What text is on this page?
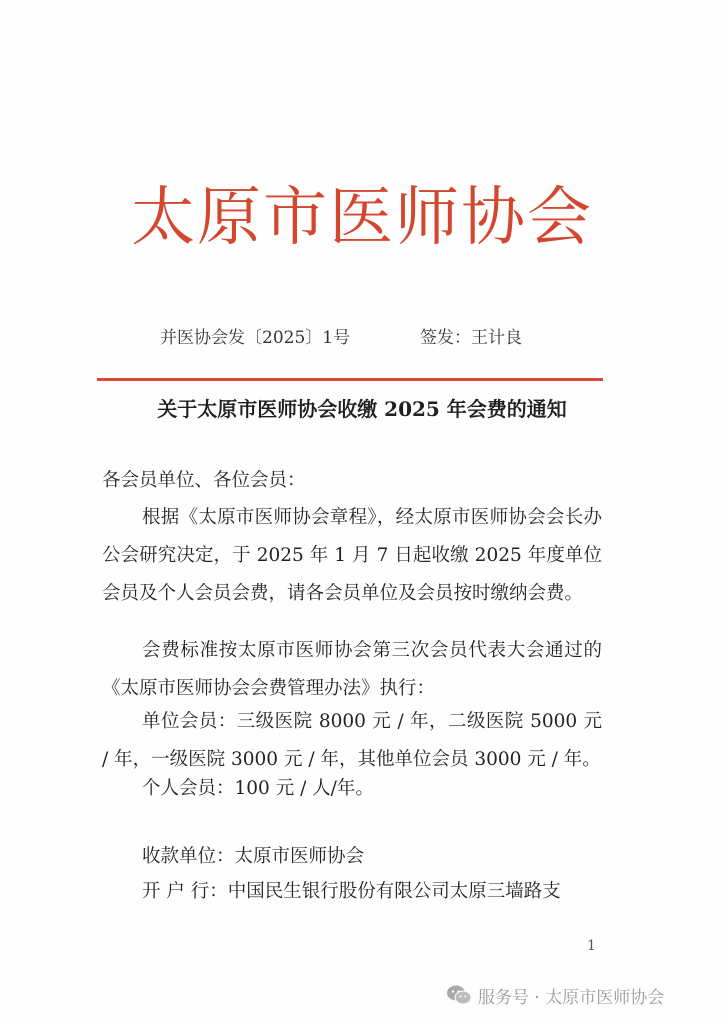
太原市医师协会
并医协会发〔2025〕1号	签发：王计良
关于太原市医师协会收缴 2025 年会费的通知
各会员单位、各位会员：
根据《太原市医师协会章程》，经太原市医师协会会长办公会研究决定，于 2025 年 1 月 7 日起收缴 2025 年度单位会员及个人会员会费，请各会员单位及会员按时缴纳会费。
会费标准按太原市医师协会第三次会员代表大会通过的《太原市医师协会会费管理办法》执行：
单位会员：三级医院 8000 元 / 年，二级医院 5000 元 / 年，一级医院 3000 元 / 年，其他单位会员 3000 元 / 年。
个人会员：100 元 / 人/年。
收款单位：太原市医师协会
开 户 行：中国民生银行股份有限公司太原三墙路支
1
服务号 · 太原市医师协会
